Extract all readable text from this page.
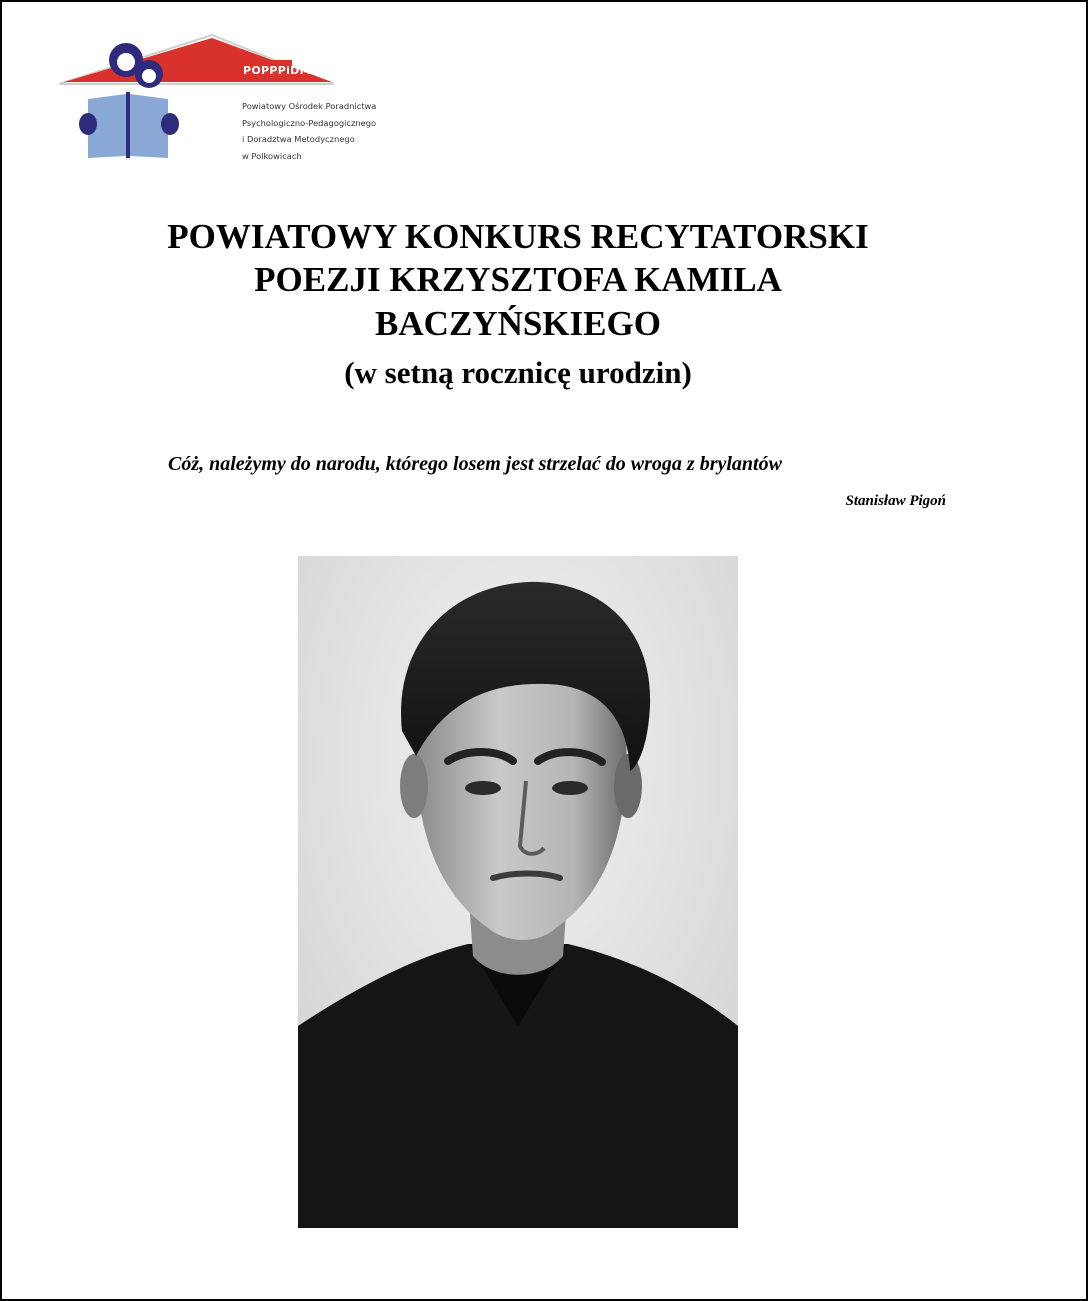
POPPPiDM
Powiatowy Ośrodek Poradnictwa
Psychologiczno-Pedagogicznego
i Doradztwa Metodycznego
w Polkowicach
POWIATOWY KONKURS RECYTATORSKI
POEZJI KRZYSZTOFA KAMILA
BACZYŃSKIEGO
(w setną rocznicę urodzin)
Cóż, należymy do narodu, którego losem jest strzelać do wroga z brylantów
Stanisław Pigoń
